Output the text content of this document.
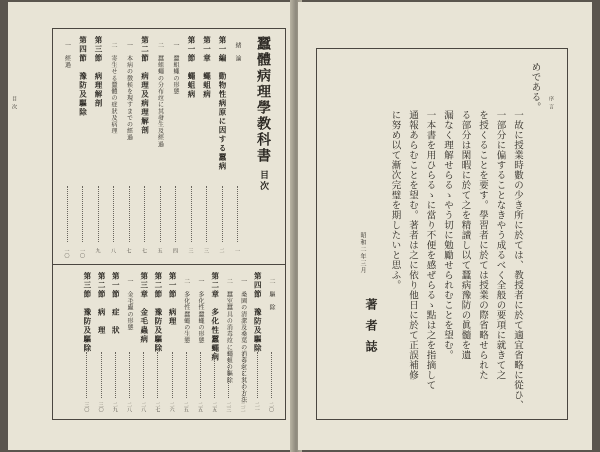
目次	蠶體病理學教科書目次
緒　論
一
第一編　動物性病原に因する蠶病
二
第一章　蠅蛆病
三
第一節　蠅蛆病
三
一　蠶蛆蠅の形態
四
二　蠶蛆蠅の分布竝に其發生及經過
五
第二節　病理及病理解剖
七
一　本病の徴候を現すまでの經過
七
二　寄生せる蠶體の症狀及病理
八
第三節　病理解剖
九
第四節　豫防及驅除
一〇
一　經過
一〇
二　驅　除
二〇
第四節　豫防及驅除
二一
一　桑園の清潔及桑葉の消毒竝に其の方法
二二
二　蠶室蠶具の消毒竝に蠅蛆の驅除
二三
第二章　多化性蠶蠅病
二五
一　多化性蠶蠅の形態
二五
二　多化性蠶蠅の生態
二五
第一節　病理
二六
第二節　豫防及驅除
二七
第三章　金毛蟲病
二八
一　金毛蟲の形態
二八
第一節　症　狀
二九
第二節　病　理
三〇
第三節　豫防及驅除
三〇
序言
めである。
一故に授業時數の少き所に於ては、教授者に於て適宜省略に從ひ、
一部分に偏することなきやう成るべく全般の要項に就きて之
を授くることを要す。學習者に於ては授業の際省略せられた
る部分は閑暇に於て之を精讀し以て蠶病豫防の眞髓を遺
漏なく理解せらるゝやう切に勉勵せられむことを望む。
一本書を用ひらるゝに當り不便を感ぜらるゝ點は之を指摘して
通報あらむことを望む。著者は之に依り他日に於て正誤補修
に努め以て漸次完璧を期したいと思ふ。
昭和二年三月
著者誌
